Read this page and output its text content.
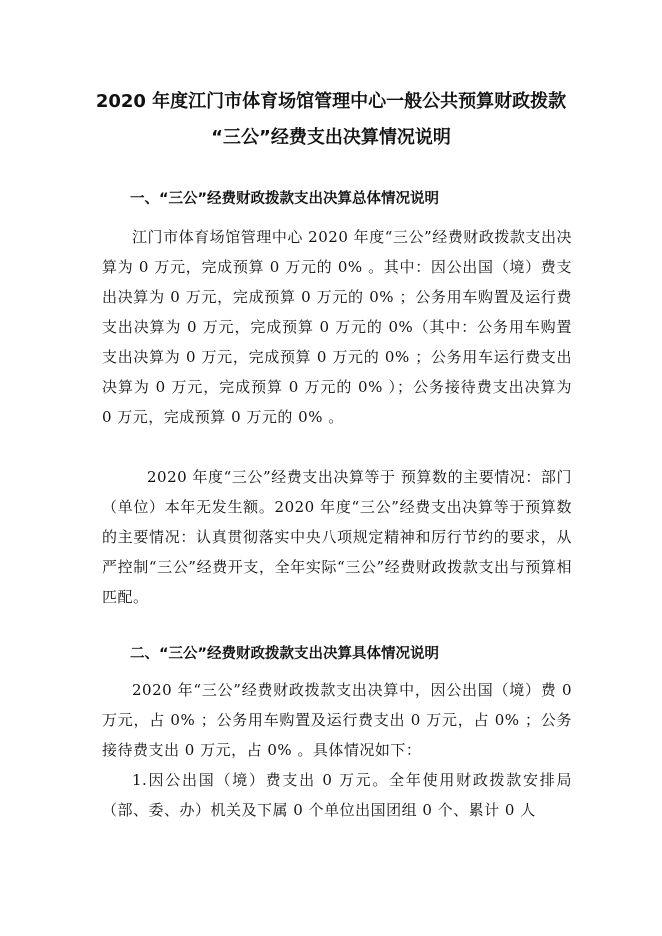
2020 年度江门市体育场馆管理中心一般公共预算财政拨款
“三公”经费支出决算情况说明
一、“三公”经费财政拨款支出决算总体情况说明

江门市体育场馆管理中心 2020 年度“三公”经费财政拨款支出决算为 0 万元，完成预算 0 万元的 0% 。其中：因公出国（境）费支出决算为 0 万元，完成预算 0 万元的 0% ；公务用车购置及运行费支出决算为 0 万元，完成预算 0 万元的 0%（其中：公务用车购置支出决算为 0 万元，完成预算 0 万元的 0% ；公务用车运行费支出决算为 0 万元，完成预算 0 万元的 0% ）；公务接待费支出决算为 0 万元，完成预算 0 万元的 0% 。

2020 年度“三公”经费支出决算等于 预算数的主要情况：部门（单位）本年无发生额。2020 年度“三公”经费支出决算等于预算数的主要情况：认真贯彻落实中央八项规定精神和厉行节约的要求，从严控制“三公”经费开支，全年实际“三公”经费财政拨款支出与预算相匹配。

二、“三公”经费财政拨款支出决算具体情况说明

2020 年“三公”经费财政拨款支出决算中，因公出国（境）费 0 万元，占 0% ；公务用车购置及运行费支出 0 万元，占 0% ；公务接待费支出 0 万元，占 0% 。具体情况如下：

1.因公出国（境）费支出 0 万元。全年使用财政拨款安排局（部、委、办）机关及下属 0 个单位出国团组 0 个、累计 0 人
